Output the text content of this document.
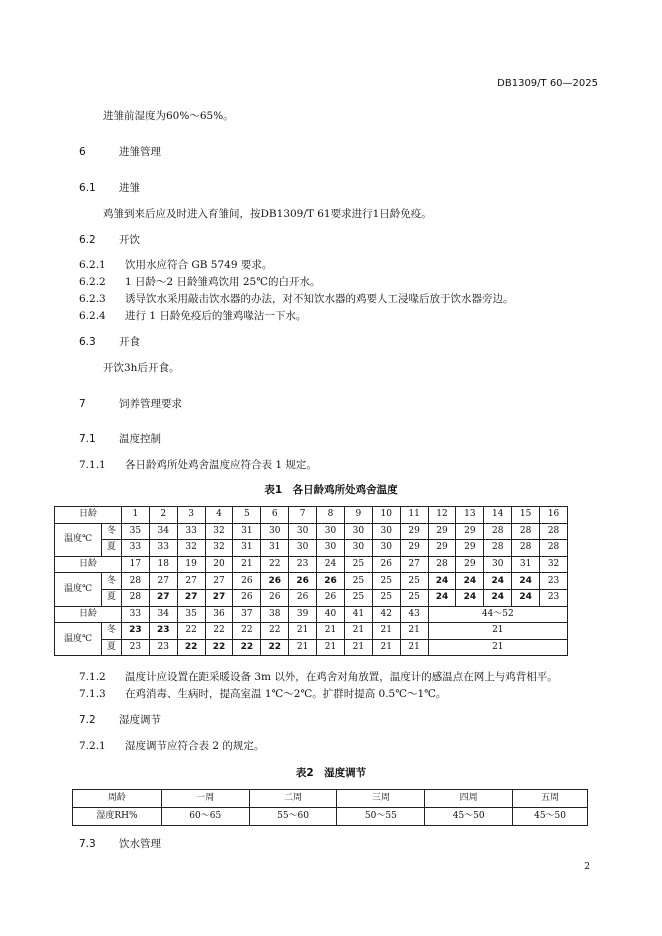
DB1309/T 60—2025
进雏前湿度为60%～65%。
6	进雏管理
6.1 进雏
鸡雏到来后应及时进入育雏间，按DB1309/T 61要求进行1日龄免疫。
6.2 开饮
6.2.1 饮用水应符合 GB 5749 要求。
6.2.2 1 日龄～2 日龄雏鸡饮用 25℃的白开水。
6.2.3 诱导饮水采用敲击饮水器的办法，对不知饮水器的鸡要人工浸喙后放于饮水器旁边。
6.2.4 进行 1 日龄免疫后的雏鸡喙沾一下水。
6.3 开食
开饮3h后开食。
7	饲养管理要求
7.1 温度控制
7.1.1 各日龄鸡所处鸡舍温度应符合表 1 规定。
表1　各日龄鸡所处鸡舍温度
日龄		1	2	3	4	5	6	7	8	9	10	11	12	13	14	15	16
温度℃	冬	35	34	33	32	31	30	30	30	30	30	29	29	29	28	28	28
	夏	33	33	32	32	31	31	30	30	30	30	29	29	29	28	28	28
日龄		17	18	19	20	21	22	23	24	25	26	27	28	29	30	31	32
温度℃	冬	28	27	27	27	26	26	26	26	25	25	25	24	24	24	24	23
	夏	28	27	27	27	26	26	26	26	25	25	25	24	24	24	24	23
日龄		33	34	35	36	37	38	39	40	41	42	43	44～52				
温度℃	冬	23	23	22	22	22	22	21	21	21	21	21	21				
	夏	23	23	22	22	22	22	21	21	21	21	21	21				
7.1.2 温度计应设置在距采暖设备 3m 以外，在鸡舍对角放置，温度计的感温点在网上与鸡背相平。
7.1.3 在鸡消毒、生病时，提高室温 1℃～2℃。扩群时提高 0.5℃～1℃。
7.2 湿度调节
7.2.1 湿度调节应符合表 2 的规定。
表2　湿度调节
周龄	一周	二周	三周	四周	五周
湿度RH%	60～65	55～60	50～55	45～50	45～50
7.3 饮水管理
2
